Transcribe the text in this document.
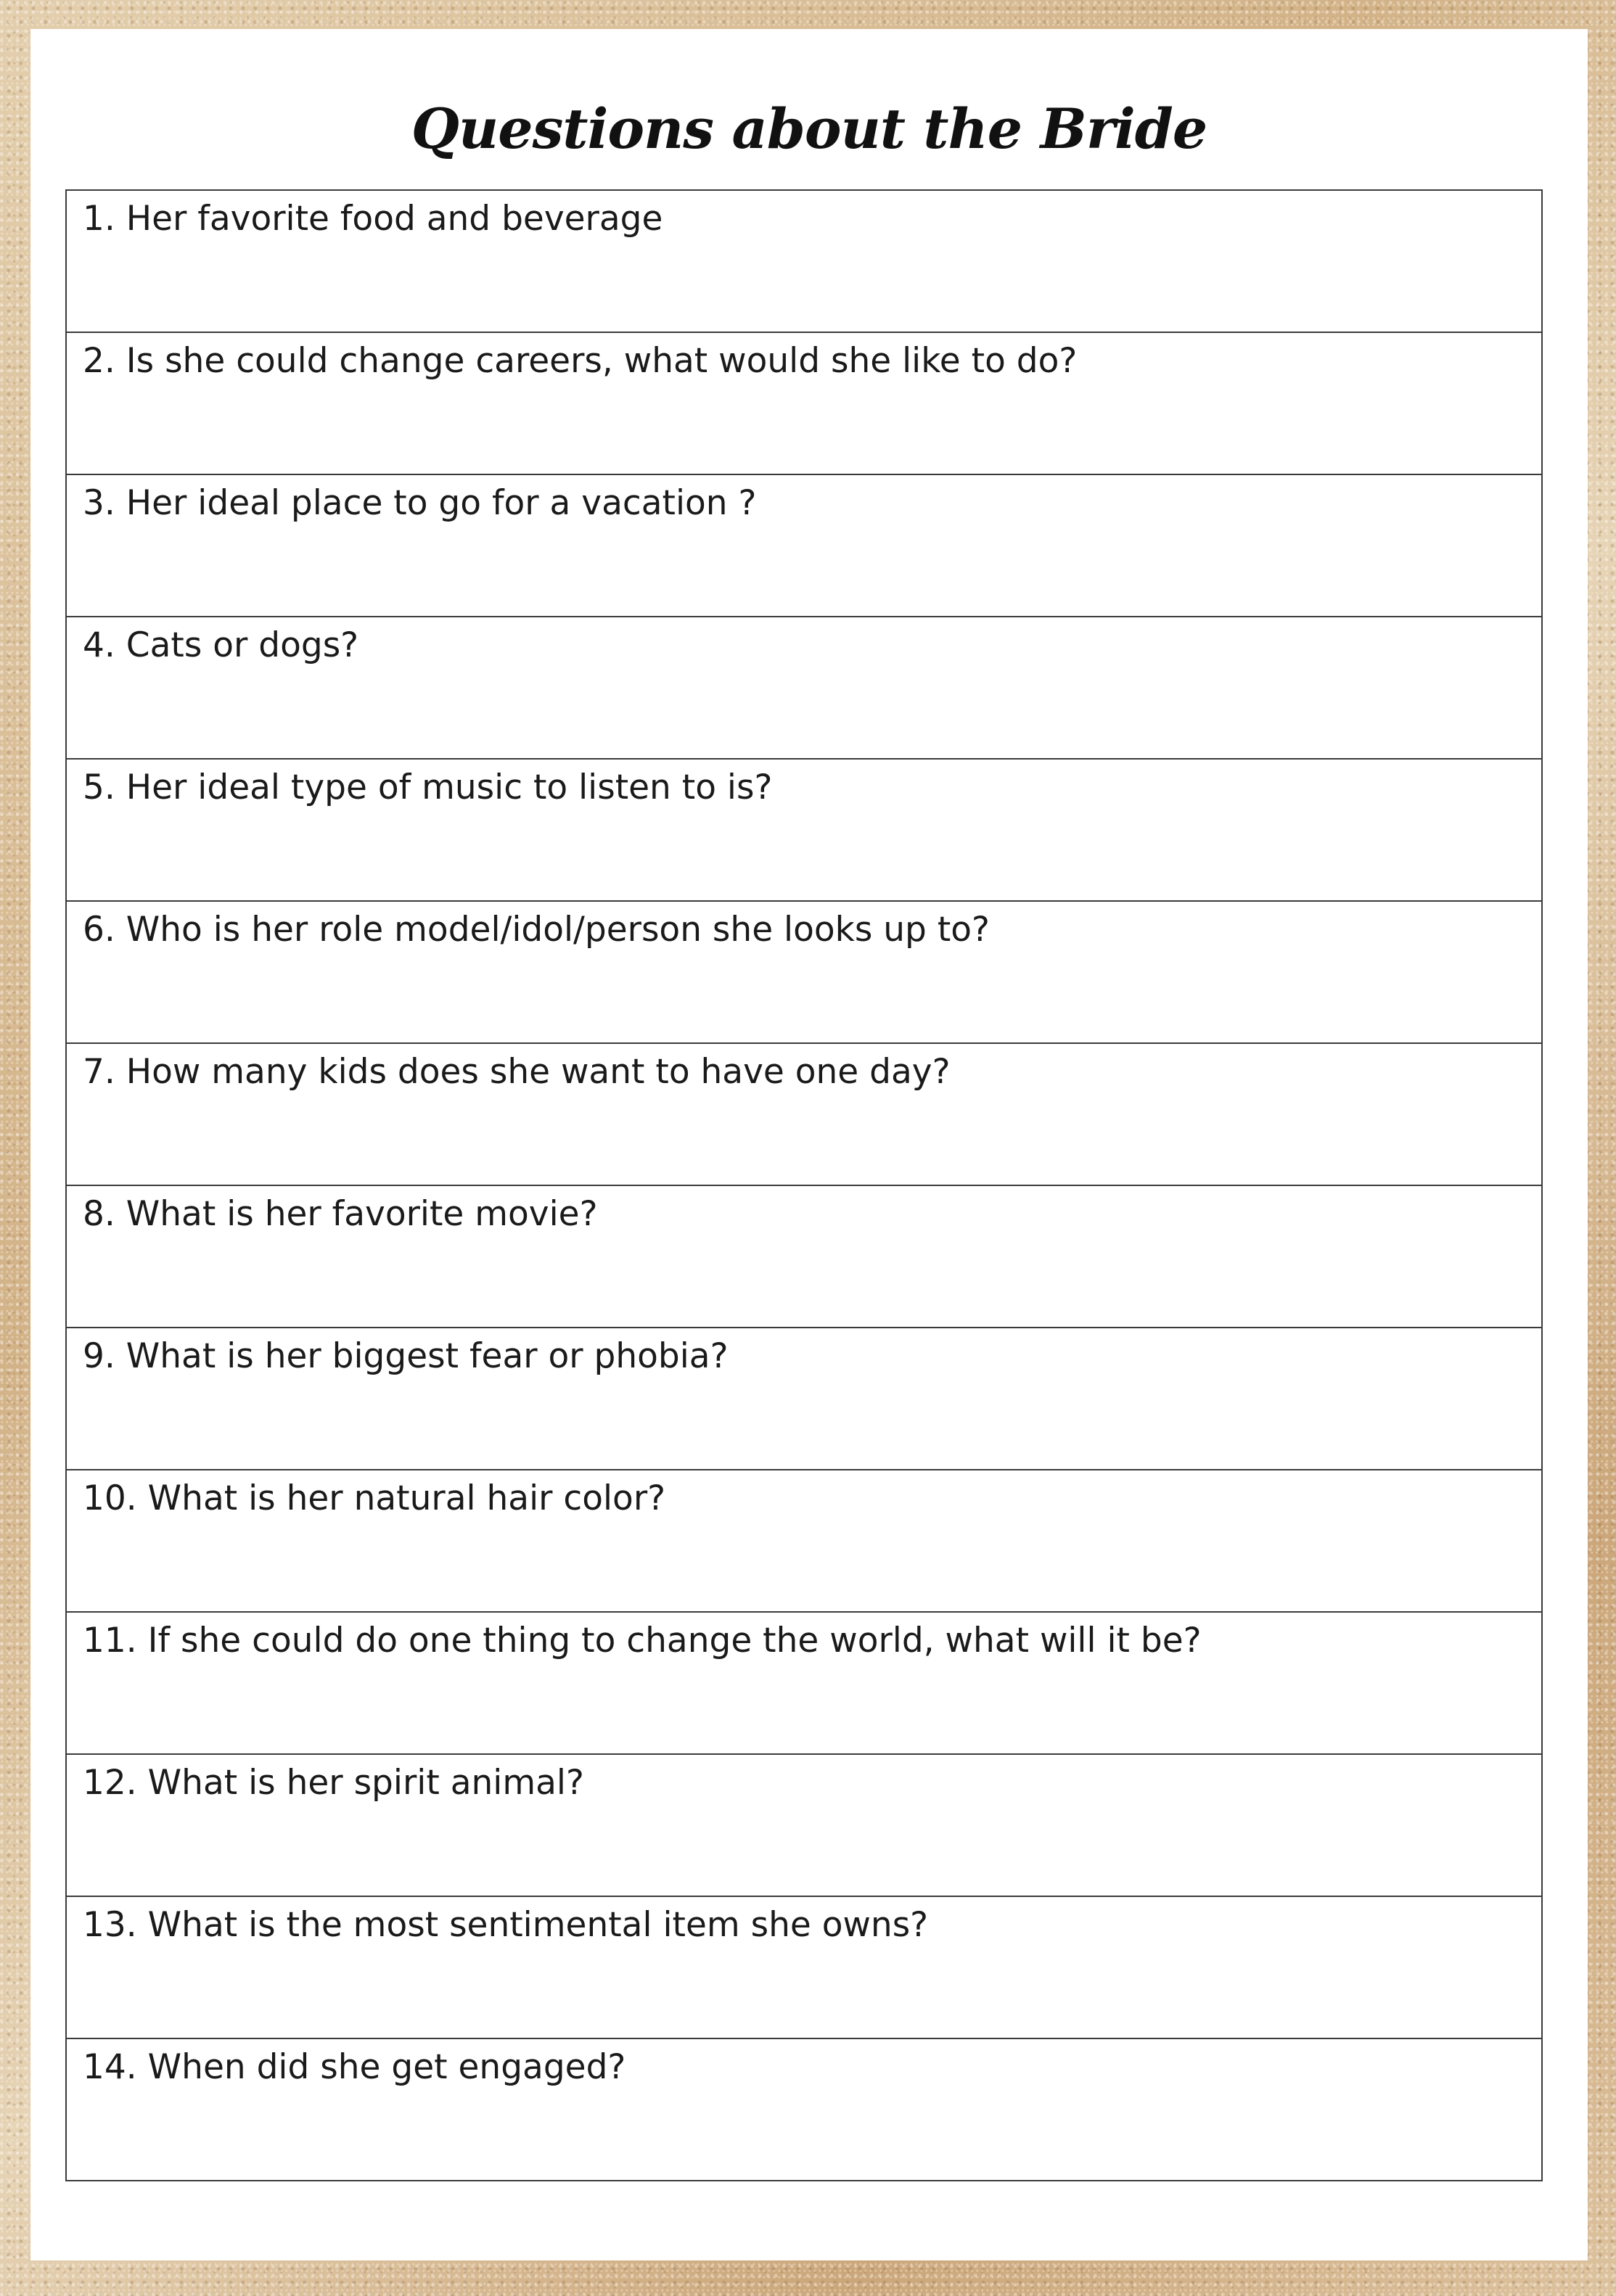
Questions about the Bride
1. Her favorite food and beverage
2. Is she could change careers, what would she like to do?
3. Her ideal place to go for a vacation ?
4. Cats or dogs?
5. Her ideal type of music to listen to is?
6. Who is her role model/idol/person she looks up to?
7. How many kids does she want to have one day?
8. What is her favorite movie?
9. What is her biggest fear or phobia?
10. What is her natural hair color?
11. If she could do one thing to change the world, what will it be?
12. What is her spirit animal?
13. What is the most sentimental item she owns?
14. When did she get engaged?
